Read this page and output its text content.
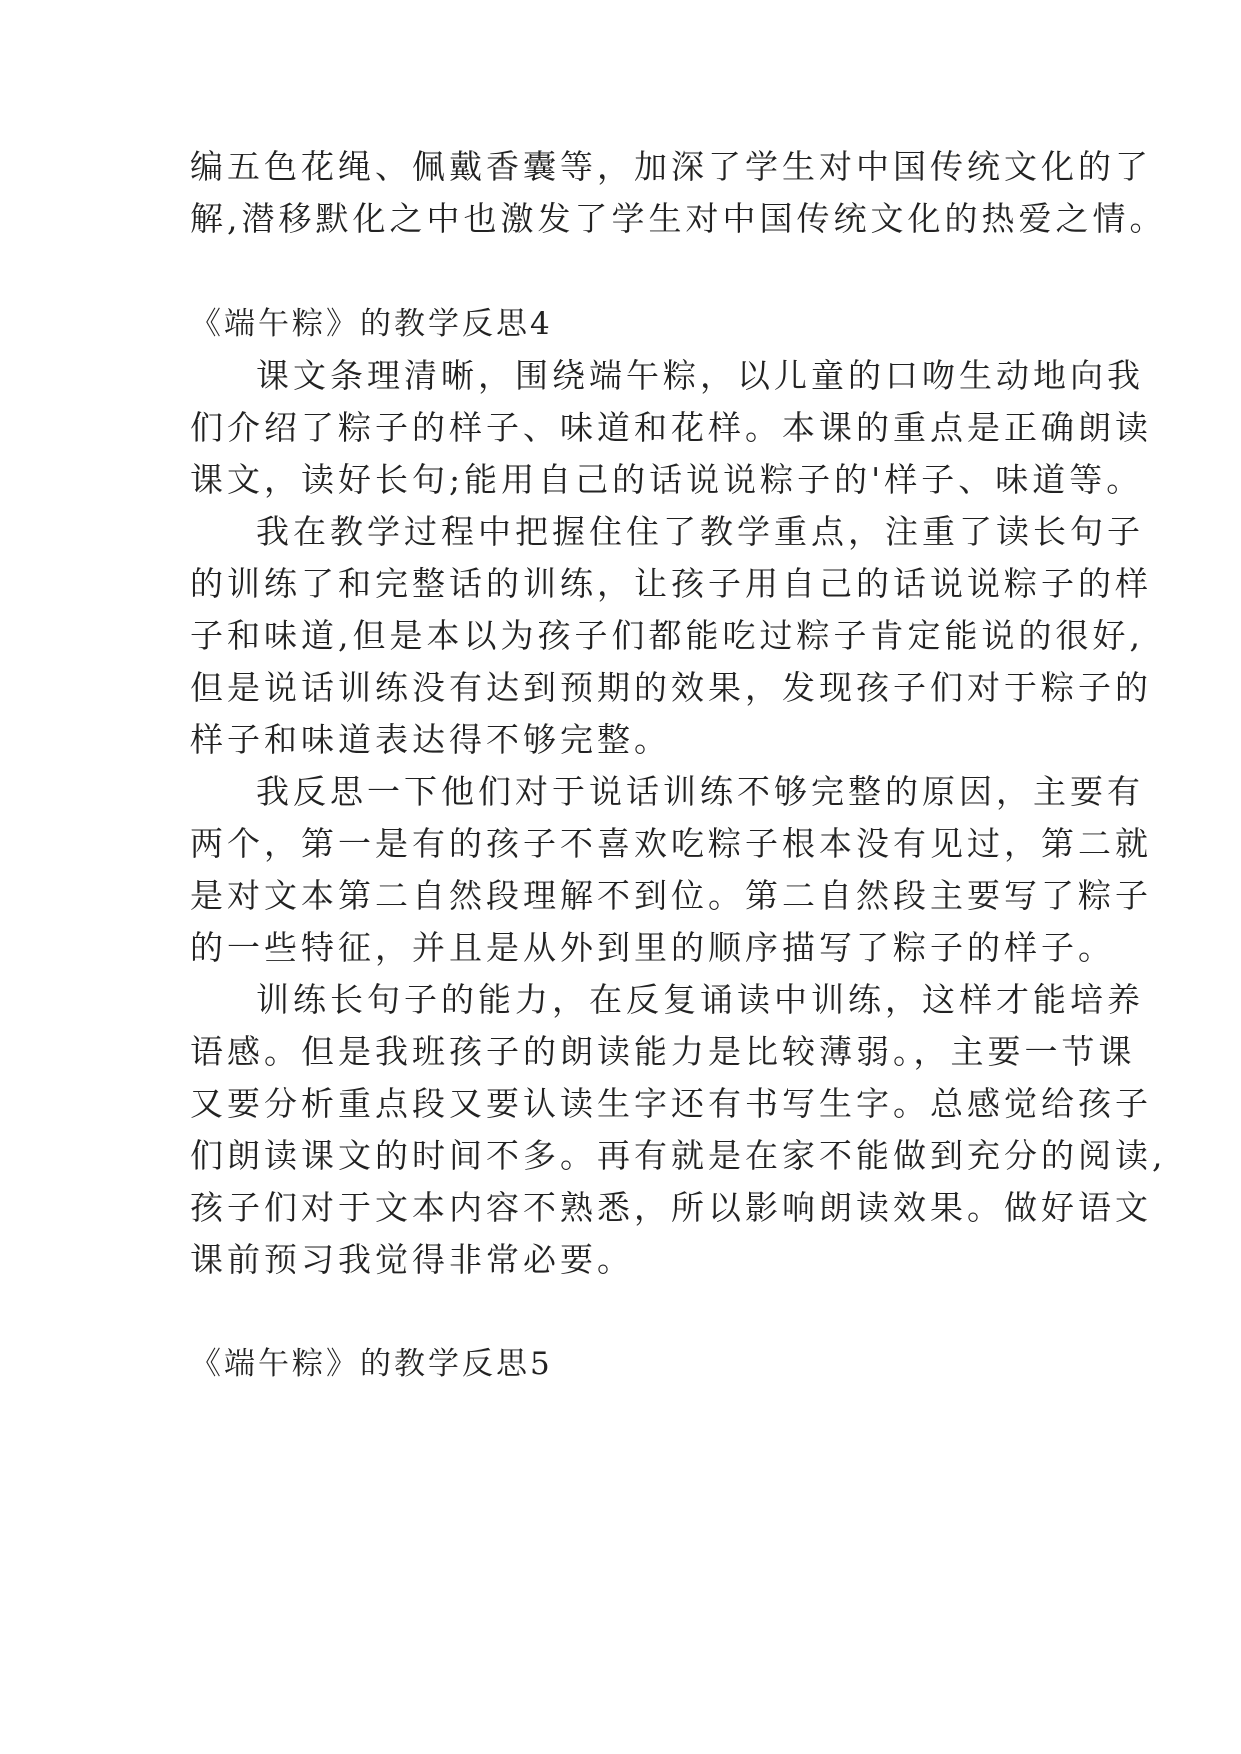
编五色花绳、佩戴香囊等，加深了学生对中国传统文化的了
解,潜移默化之中也激发了学生对中国传统文化的热爱之情。
《端午粽》的教学反思4
课文条理清晰，围绕端午粽，以儿童的口吻生动地向我
们介绍了粽子的样子、味道和花样。本课的重点是正确朗读
课文，读好长句;能用自己的话说说粽子的'样子、味道等。
我在教学过程中把握住住了教学重点，注重了读长句子
的训练了和完整话的训练，让孩子用自己的话说说粽子的样
子和味道,但是本以为孩子们都能吃过粽子肯定能说的很好,
但是说话训练没有达到预期的效果，发现孩子们对于粽子的
样子和味道表达得不够完整。
我反思一下他们对于说话训练不够完整的原因，主要有
两个，第一是有的孩子不喜欢吃粽子根本没有见过，第二就
是对文本第二自然段理解不到位。第二自然段主要写了粽子
的一些特征，并且是从外到里的顺序描写了粽子的样子。
训练长句子的能力，在反复诵读中训练，这样才能培养
语感。但是我班孩子的朗读能力是比较薄弱。，主要一节课
又要分析重点段又要认读生字还有书写生字。总感觉给孩子
们朗读课文的时间不多。再有就是在家不能做到充分的阅读,
孩子们对于文本内容不熟悉，所以影响朗读效果。做好语文
课前预习我觉得非常必要。
《端午粽》的教学反思5
